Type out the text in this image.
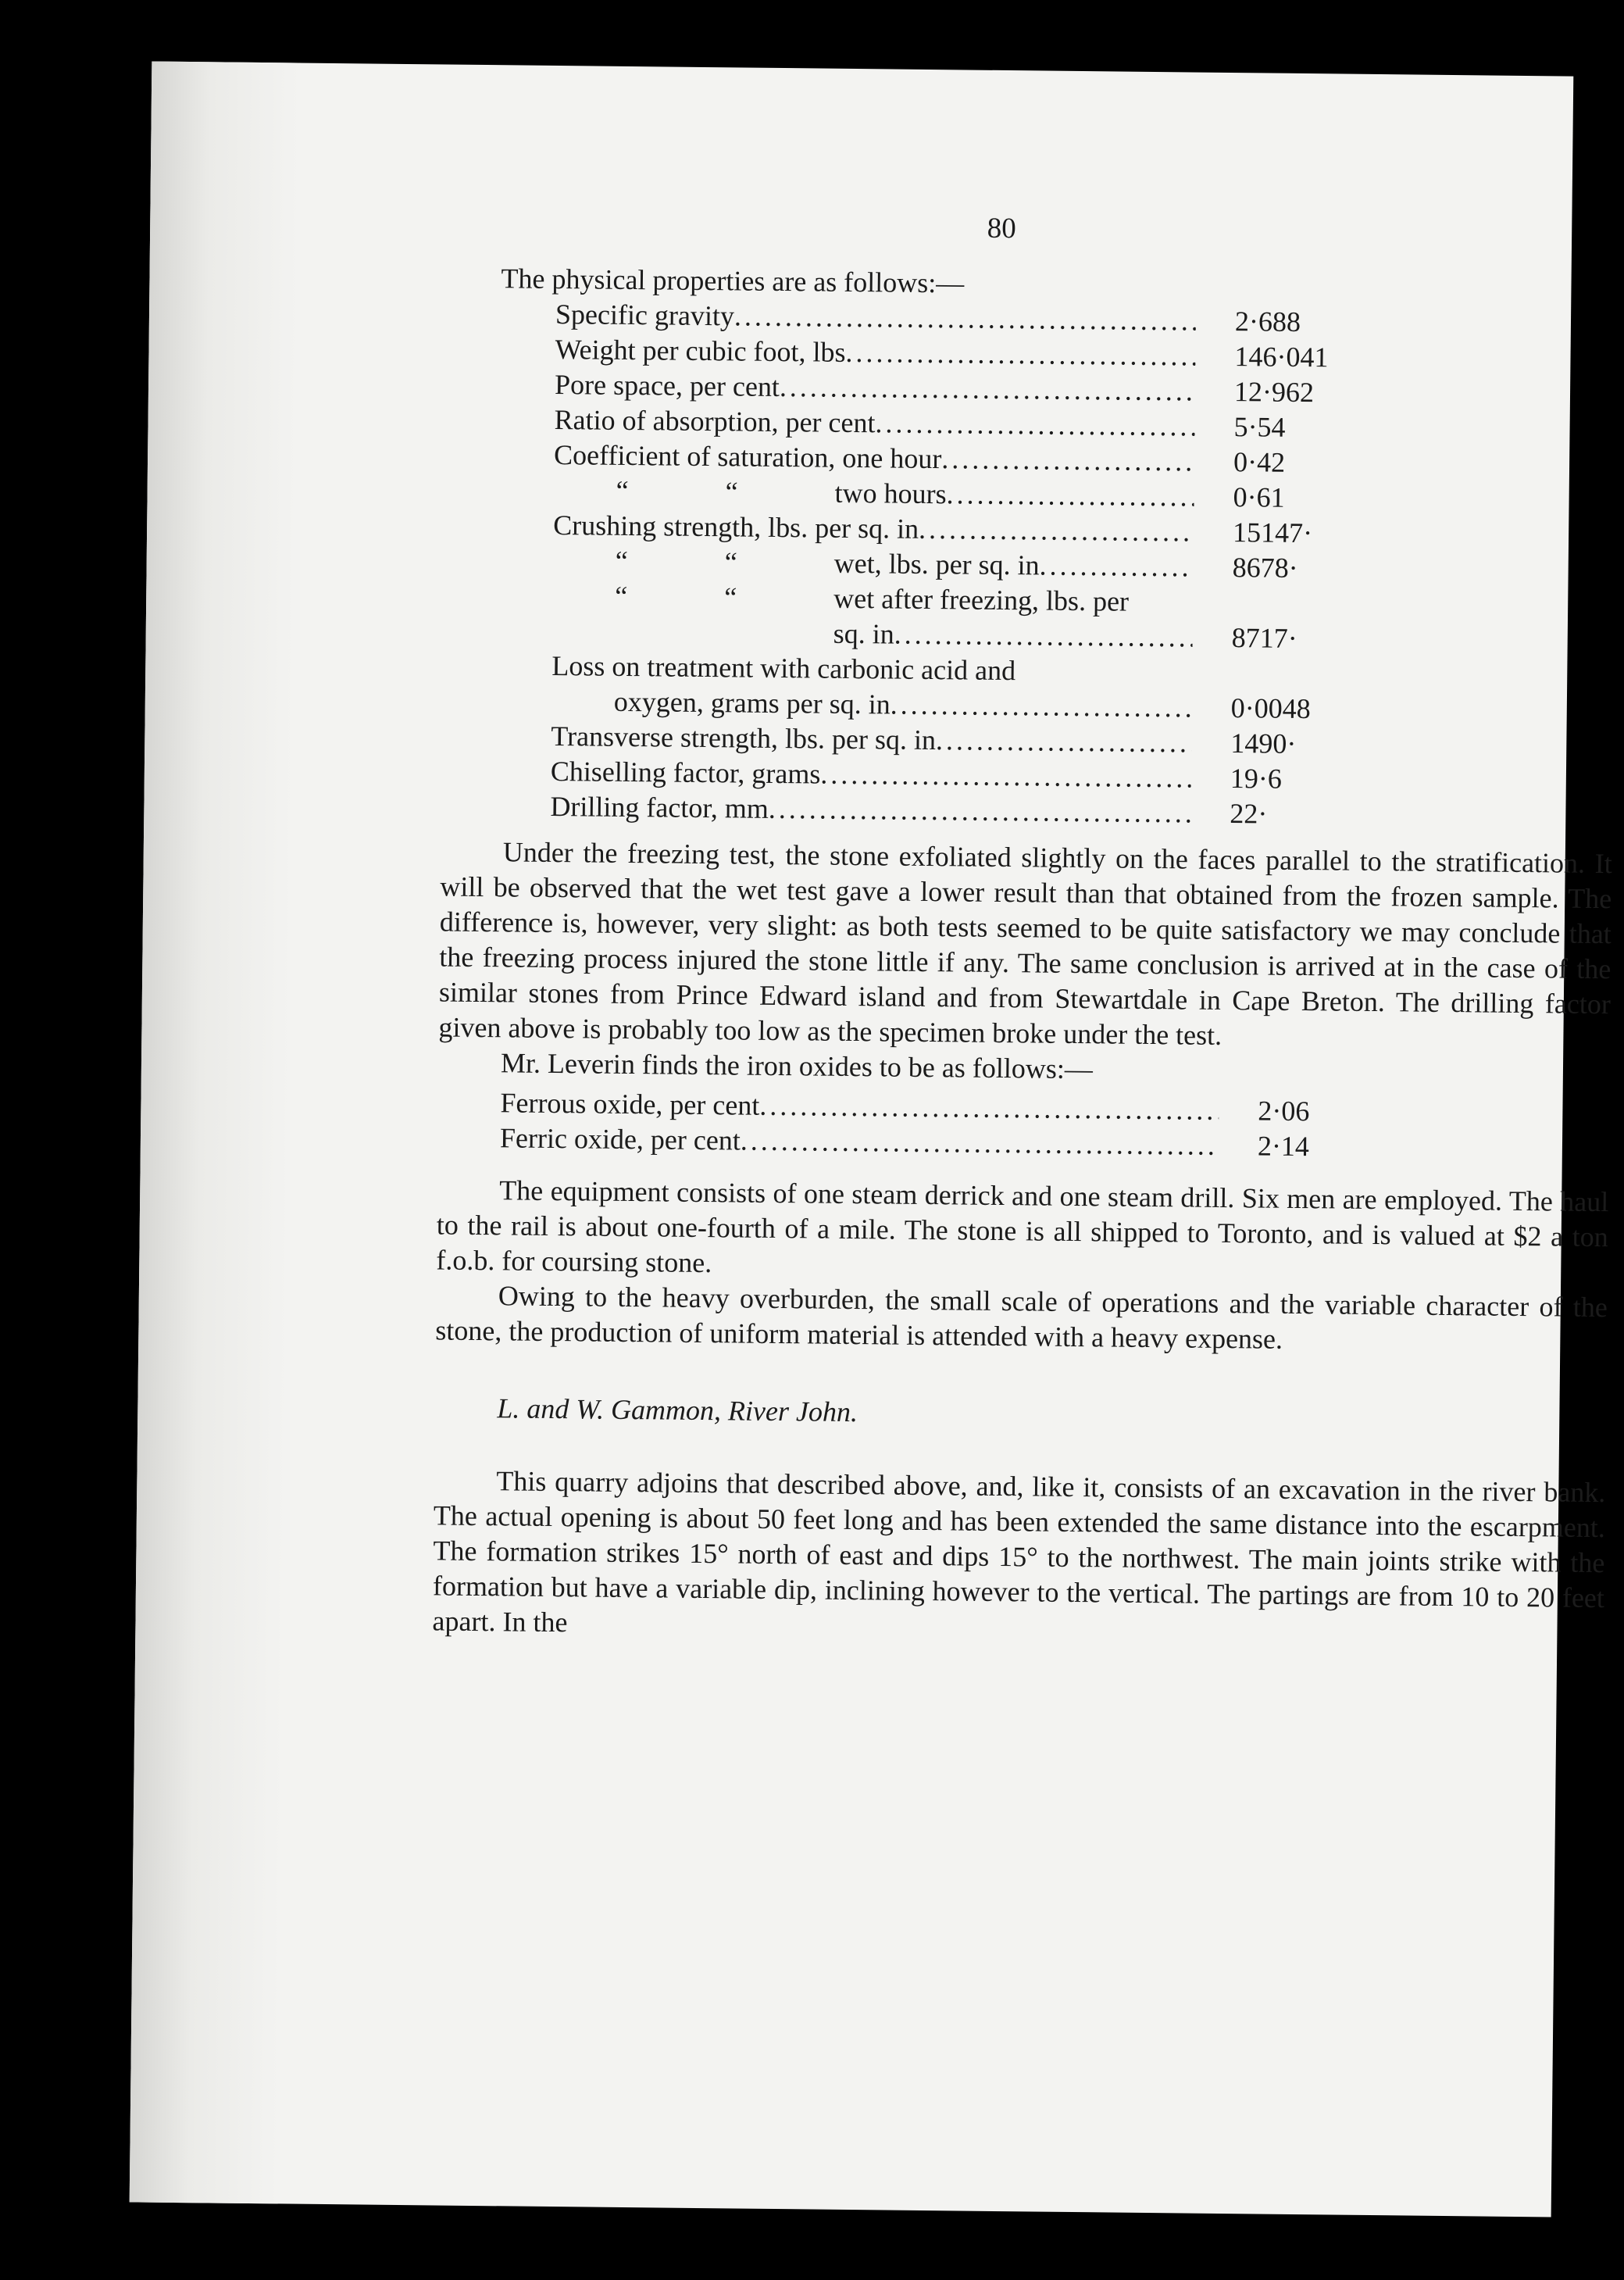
80
The physical properties are as follows:—
Specific gravity .....	2·688
Weight per cubic foot, lbs .....	146·041
Pore space, per cent .....	12·962
Ratio of absorption, per cent .....	5·54
Coefficient of saturation, one hour .....	0·42
“	“	two hours .....	0·61
Crushing strength, lbs. per sq. in .....	15147·
“	“	wet, lbs. per sq. in .....	8678·
“	“	wet after freezing, lbs. per
sq. in .....	8717·
Loss on treatment with carbonic acid and
oxygen, grams per sq. in .....	0·0048
Transverse strength, lbs. per sq. in .....	1490·
Chiselling factor, grams .....	19·6
Drilling factor, mm .....	22·

Under the freezing test, the stone exfoliated slightly on the faces parallel to the stratification. It will be observed that the wet test gave a lower result than that obtained from the frozen sample. The difference is, however, very slight: as both tests seemed to be quite satisfactory we may conclude that the freezing process injured the stone little if any. The same conclusion is arrived at in the case of the similar stones from Prince Edward island and from Stewartdale in Cape Breton. The drilling factor given above is probably too low as the specimen broke under the test.

Mr. Leverin finds the iron oxides to be as follows:—

Ferrous oxide, per cent .....	2·06
Ferric oxide, per cent .....	2·14

The equipment consists of one steam derrick and one steam drill. Six men are employed. The haul to the rail is about one-fourth of a mile. The stone is all shipped to Toronto, and is valued at $2 a ton f.o.b. for coursing stone.

Owing to the heavy overburden, the small scale of operations and the variable character of the stone, the production of uniform material is attended with a heavy expense.

L. and W. Gammon, River John.

This quarry adjoins that described above, and, like it, consists of an excavation in the river bank. The actual opening is about 50 feet long and has been extended the same distance into the escarpment. The formation strikes 15° north of east and dips 15° to the northwest. The main joints strike with the formation but have a variable dip, inclining however to the vertical. The partings are from 10 to 20 feet apart. In the
